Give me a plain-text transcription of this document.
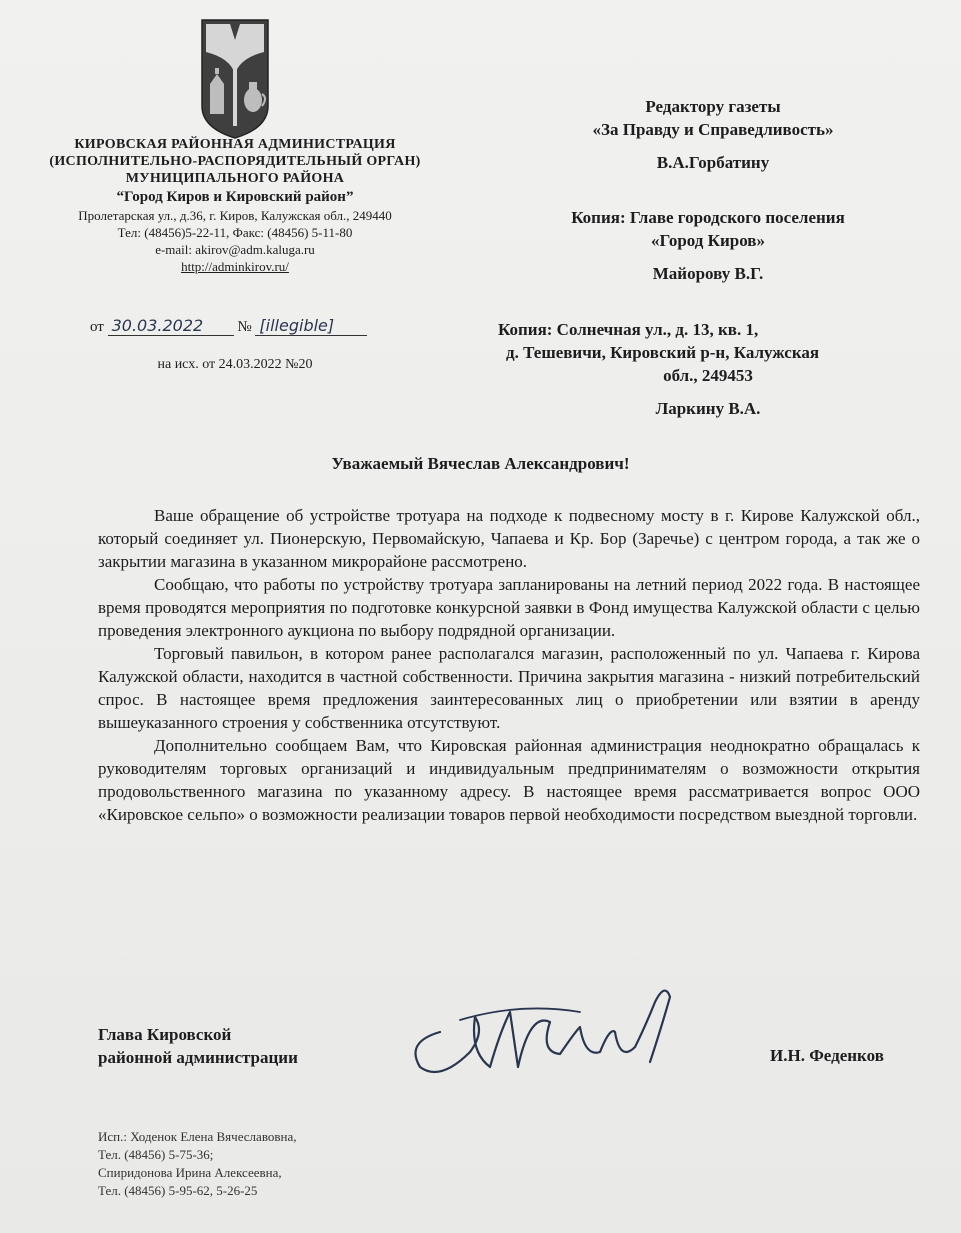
КИРОВСКАЯ РАЙОННАЯ АДМИНИСТРАЦИЯ
(ИСПОЛНИТЕЛЬНО-РАСПОРЯДИТЕЛЬНЫЙ ОРГАН)
МУНИЦИПАЛЬНОГО РАЙОНА
“Город Киров и Кировский район”
Пролетарская ул., д.36, г. Киров, Калужская обл., 249440
Тел: (48456)5-22-11, Факс: (48456) 5-11-80
e-mail: akirov@adm.kaluga.ru
http://adminkirov.ru/
от 30.03.2022 № [illegible]
на исх. от 24.03.2022 №20
Редактору газеты
«За Правду и Справедливость»
В.А.Горбатину
Копия: Главе городского поселения
«Город Киров»
Майорову В.Г.
Копия: Солнечная ул., д. 13, кв. 1,
д. Тешевичи, Кировский р-н, Калужская
обл., 249453
Ларкину В.А.
Уважаемый Вячеслав Александрович!

Ваше обращение об устройстве тротуара на подходе к подвесному мосту в г. Кирове Калужской обл., который соединяет ул. Пионерскую, Первомайскую, Чапаева и Кр. Бор (Заречье) с центром города, а так же о закрытии магазина в указанном микрорайоне рассмотрено.

Сообщаю, что работы по устройству тротуара запланированы на летний период 2022 года. В настоящее время проводятся мероприятия по подготовке конкурсной заявки в Фонд имущества Калужской области с целью проведения электронного аукциона по выбору подрядной организации.

Торговый павильон, в котором ранее располагался магазин, расположенный по ул. Чапаева г. Кирова Калужской области, находится в частной собственности. Причина закрытия магазина - низкий потребительский спрос. В настоящее время предложения заинтересованных лиц о приобретении или взятии в аренду вышеуказанного строения у собственника отсутствуют.

Дополнительно сообщаем Вам, что Кировская районная администрация неоднократно обращалась к руководителям торговых организаций и индивидуальным предпринимателям о возможности открытия продовольственного магазина по указанному адресу. В настоящее время рассматривается вопрос ООО «Кировское сельпо» о возможности реализации товаров первой необходимости посредством выездной торговли.

Глава Кировской
районной администрации	И.Н. Феденков
Исп.: Ходенок Елена Вячеславовна,
Тел. (48456) 5-75-36;
Спиридонова Ирина Алексеевна,
Тел. (48456) 5-95-62, 5-26-25
